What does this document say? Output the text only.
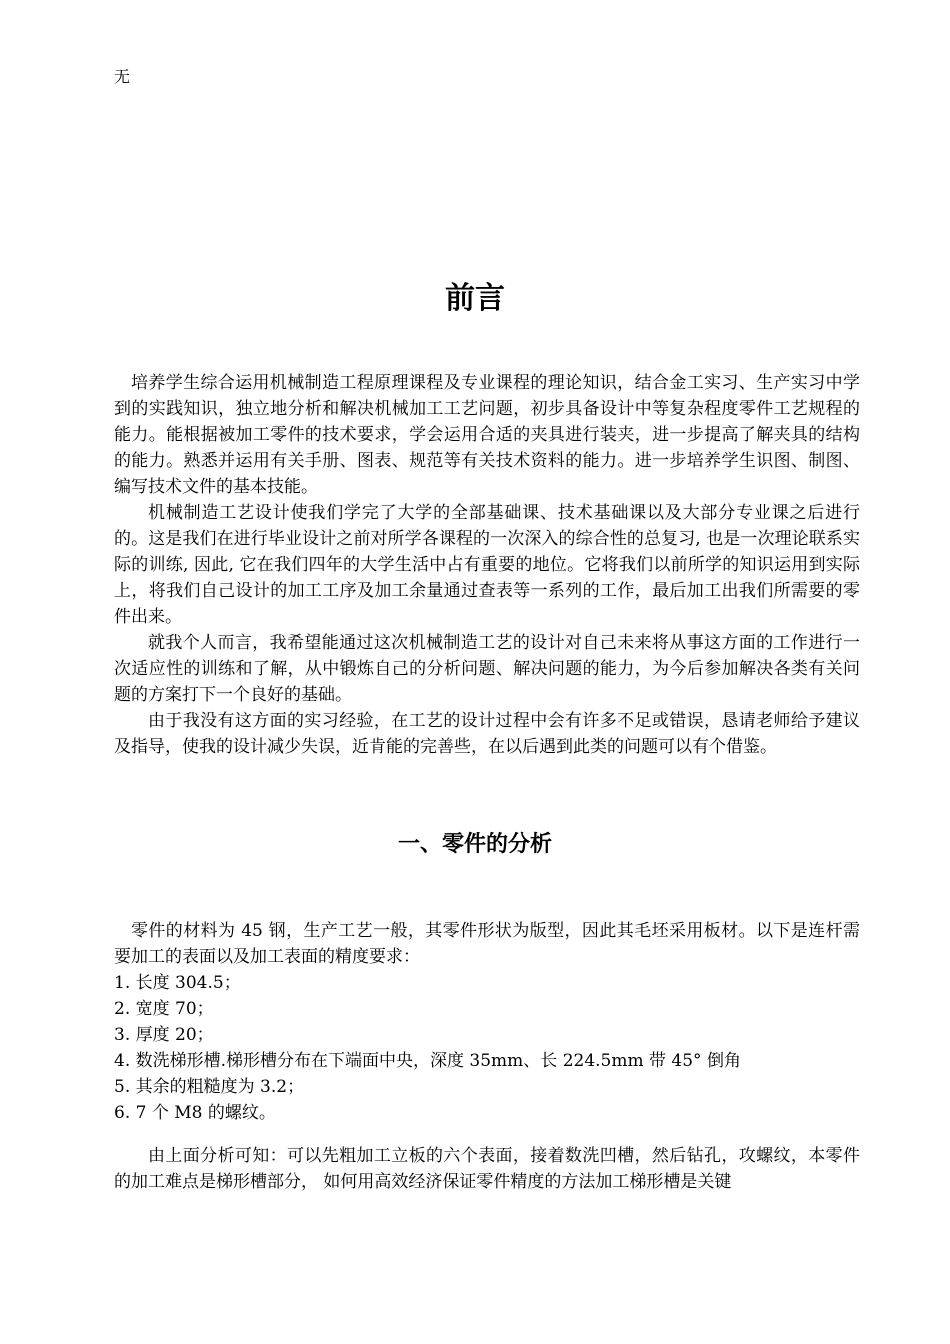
无
前言

培养学生综合运用机械制造工程原理课程及专业课程的理论知识，结合金工实习、生产实习中学到的实践知识，独立地分析和解决机械加工工艺问题，初步具备设计中等复杂程度零件工艺规程的能力。能根据被加工零件的技术要求，学会运用合适的夹具进行装夹，进一步提高了解夹具的结构的能力。熟悉并运用有关手册、图表、规范等有关技术资料的能力。进一步培养学生识图、制图、编写技术文件的基本技能。

机械制造工艺设计使我们学完了大学的全部基础课、技术基础课以及大部分专业课之后进行的。这是我们在进行毕业设计之前对所学各课程的一次深入的综合性的总复习, 也是一次理论联系实际的训练, 因此, 它在我们四年的大学生活中占有重要的地位。它将我们以前所学的知识运用到实际上，将我们自己设计的加工工序及加工余量通过查表等一系列的工作，最后加工出我们所需要的零件出来。

就我个人而言，我希望能通过这次机械制造工艺的设计对自己未来将从事这方面的工作进行一次适应性的训练和了解，从中锻炼自己的分析问题、解决问题的能力，为今后参加解决各类有关问题的方案打下一个良好的基础。

由于我没有这方面的实习经验，在工艺的设计过程中会有许多不足或错误，恳请老师给予建议及指导，使我的设计减少失误，近肯能的完善些，在以后遇到此类的问题可以有个借鉴。

一、零件的分析

零件的材料为 45 钢，生产工艺一般，其零件形状为版型，因此其毛坯采用板材。以下是连杆需要加工的表面以及加工表面的精度要求：

1. 长度 304.5；

2. 宽度 70；

3. 厚度 20；

4. 数洗梯形槽.梯形槽分布在下端面中央，深度 35mm、长 224.5mm 带 45° 倒角

5. 其余的粗糙度为 3.2；

6. 7 个 M8 的螺纹。

由上面分析可知：可以先粗加工立板的六个表面，接着数洗凹槽，然后钻孔，攻螺纹，本零件的加工难点是梯形槽部分， 如何用高效经济保证零件精度的方法加工梯形槽是关键
